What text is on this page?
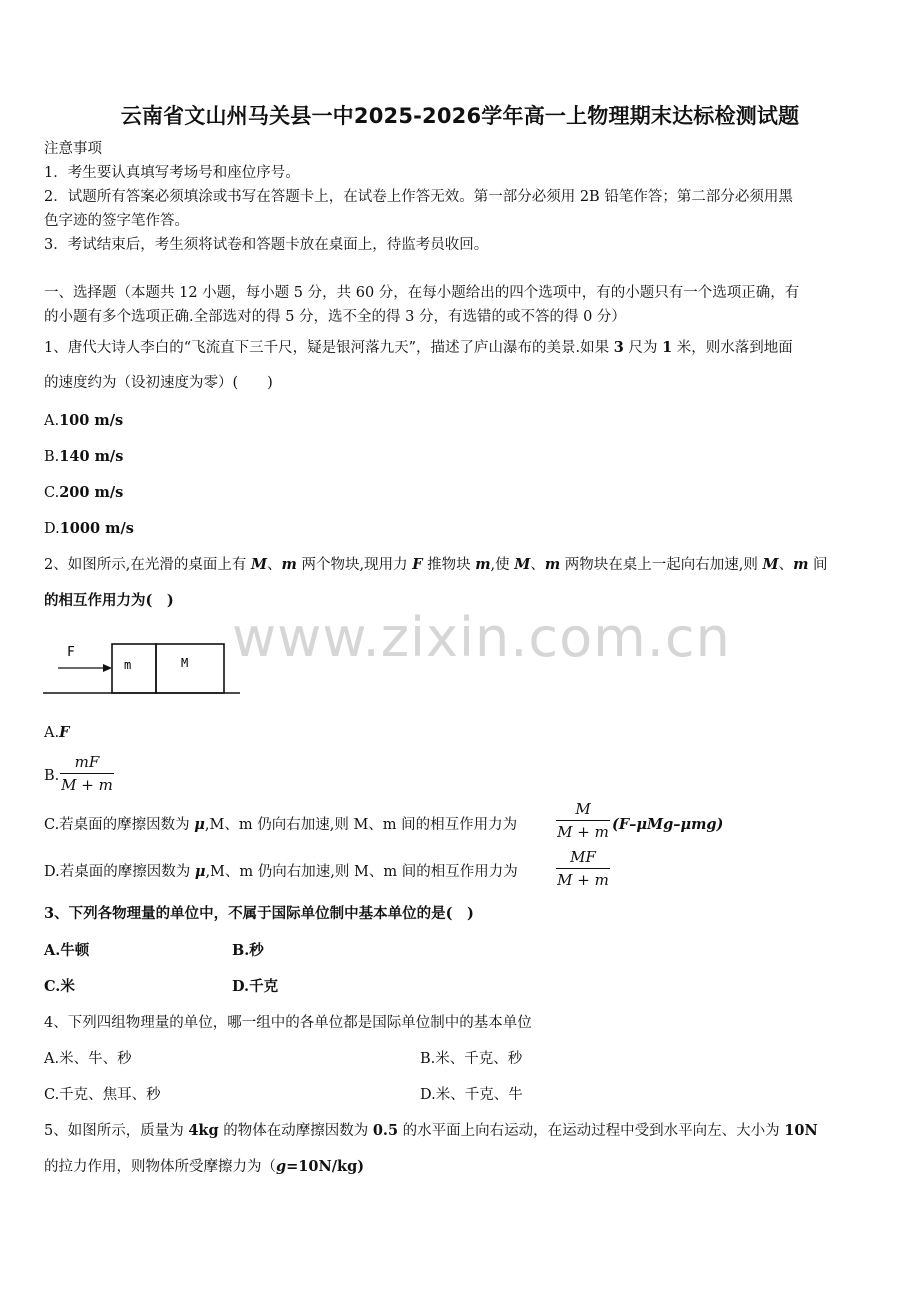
云南省文山州马关县一中2025-2026学年高一上物理期末达标检测试题
注意事项
1．考生要认真填写考场号和座位序号。
2．试题所有答案必须填涂或书写在答题卡上，在试卷上作答无效。第一部分必须用 2B 铅笔作答；第二部分必须用黑
色字迹的签字笔作答。
3．考试结束后，考生须将试卷和答题卡放在桌面上，待监考员收回。
一、选择题（本题共 12 小题，每小题 5 分，共 60 分，在每小题给出的四个选项中，有的小题只有一个选项正确，有
的小题有多个选项正确.全部选对的得 5 分，选不全的得 3 分，有选错的或不答的得 0 分）
1、唐代大诗人李白的“飞流直下三千尺，疑是银河落九天”，描述了庐山瀑布的美景.如果 3 尺为 1 米，则水落到地面
的速度约为（设初速度为零）(　　)
A.100 m/s
B.140 m/s
C.200 m/s
D.1000 m/s
2、如图所示,在光滑的桌面上有 M、m 两个物块,现用力 F 推物块 m,使 M、m 两物块在桌上一起向右加速,则 M、m 间
的相互作用力为(　)
www.zixin.com.cn
F
m	M
A.F
B.
mF
M + m
C.若桌面的摩擦因数为 μ,M、m 仍向右加速,则 M、m 间的相互作用力为
M
M + m (F–μMg–μmg)
D.若桌面的摩擦因数为 μ,M、m 仍向右加速,则 M、m 间的相互作用力为
MF
M + m
3、下列各物理量的单位中，不属于国际单位制中基本单位的是(　)
A.牛顿	B.秒
C.米	D.千克
4、下列四组物理量的单位，哪一组中的各单位都是国际单位制中的基本单位
A.米、牛、秒	B.米、千克、秒
C.千克、焦耳、秒	D.米、千克、牛
5、如图所示，质量为 4kg 的物体在动摩擦因数为 0.5 的水平面上向右运动，在运动过程中受到水平向左、大小为 10N
的拉力作用，则物体所受摩擦力为（g=10N/kg)
